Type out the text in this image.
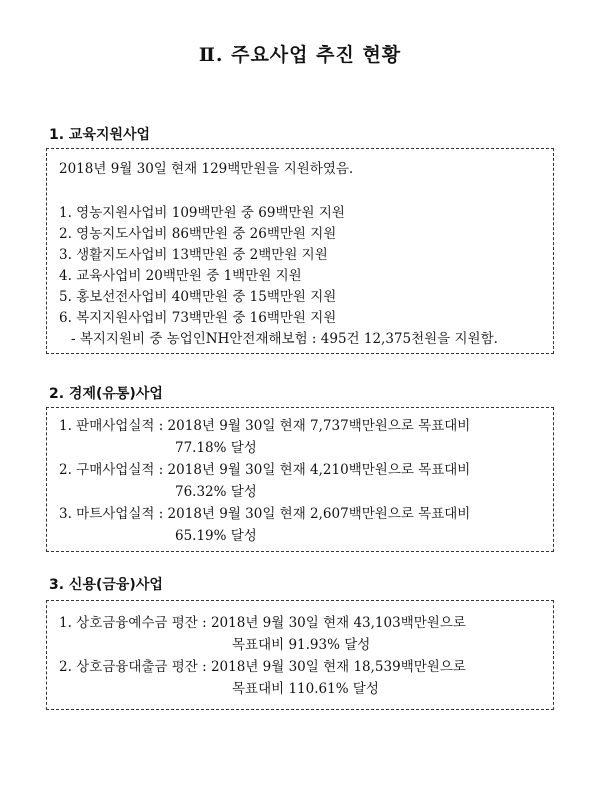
Ⅱ. 주요사업 추진 현황
1. 교육지원사업
2018년 9월 30일 현재 129백만원을 지원하였음.
1. 영농지원사업비 109백만원 중 69백만원 지원
2. 영농지도사업비 86백만원 중 26백만원 지원
3. 생활지도사업비 13백만원 중 2백만원 지원
4. 교육사업비 20백만원 중 1백만원 지원
5. 홍보선전사업비 40백만원 중 15백만원 지원
6. 복지지원사업비 73백만원 중 16백만원 지원
- 복지지원비 중 농업인NH안전재해보험 : 495건 12,375천원을 지원함.
2. 경제(유통)사업
1. 판매사업실적 : 2018년 9월 30일 현재 7,737백만원으로 목표대비
77.18% 달성
2. 구매사업실적 : 2018년 9월 30일 현재 4,210백만원으로 목표대비
76.32% 달성
3. 마트사업실적 : 2018년 9월 30일 현재 2,607백만원으로 목표대비
65.19% 달성
3. 신용(금융)사업
1. 상호금융예수금 평잔 : 2018년 9월 30일 현재 43,103백만원으로
목표대비 91.93% 달성
2. 상호금융대출금 평잔 : 2018년 9월 30일 현재 18,539백만원으로
목표대비 110.61% 달성
